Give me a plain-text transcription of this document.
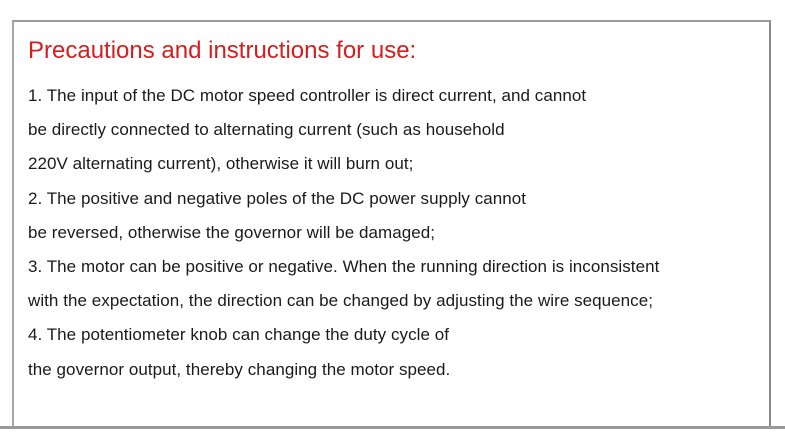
Precautions and instructions for use:
1. The input of the DC motor speed controller is direct current, and cannot
be directly connected to alternating current (such as household
220V alternating current), otherwise it will burn out;
2. The positive and negative poles of the DC power supply cannot
be reversed, otherwise the governor will be damaged;
3. The motor can be positive or negative. When the running direction is inconsistent
with the expectation, the direction can be changed by adjusting the wire sequence;
4. The potentiometer knob can change the duty cycle of
the governor output, thereby changing the motor speed.
